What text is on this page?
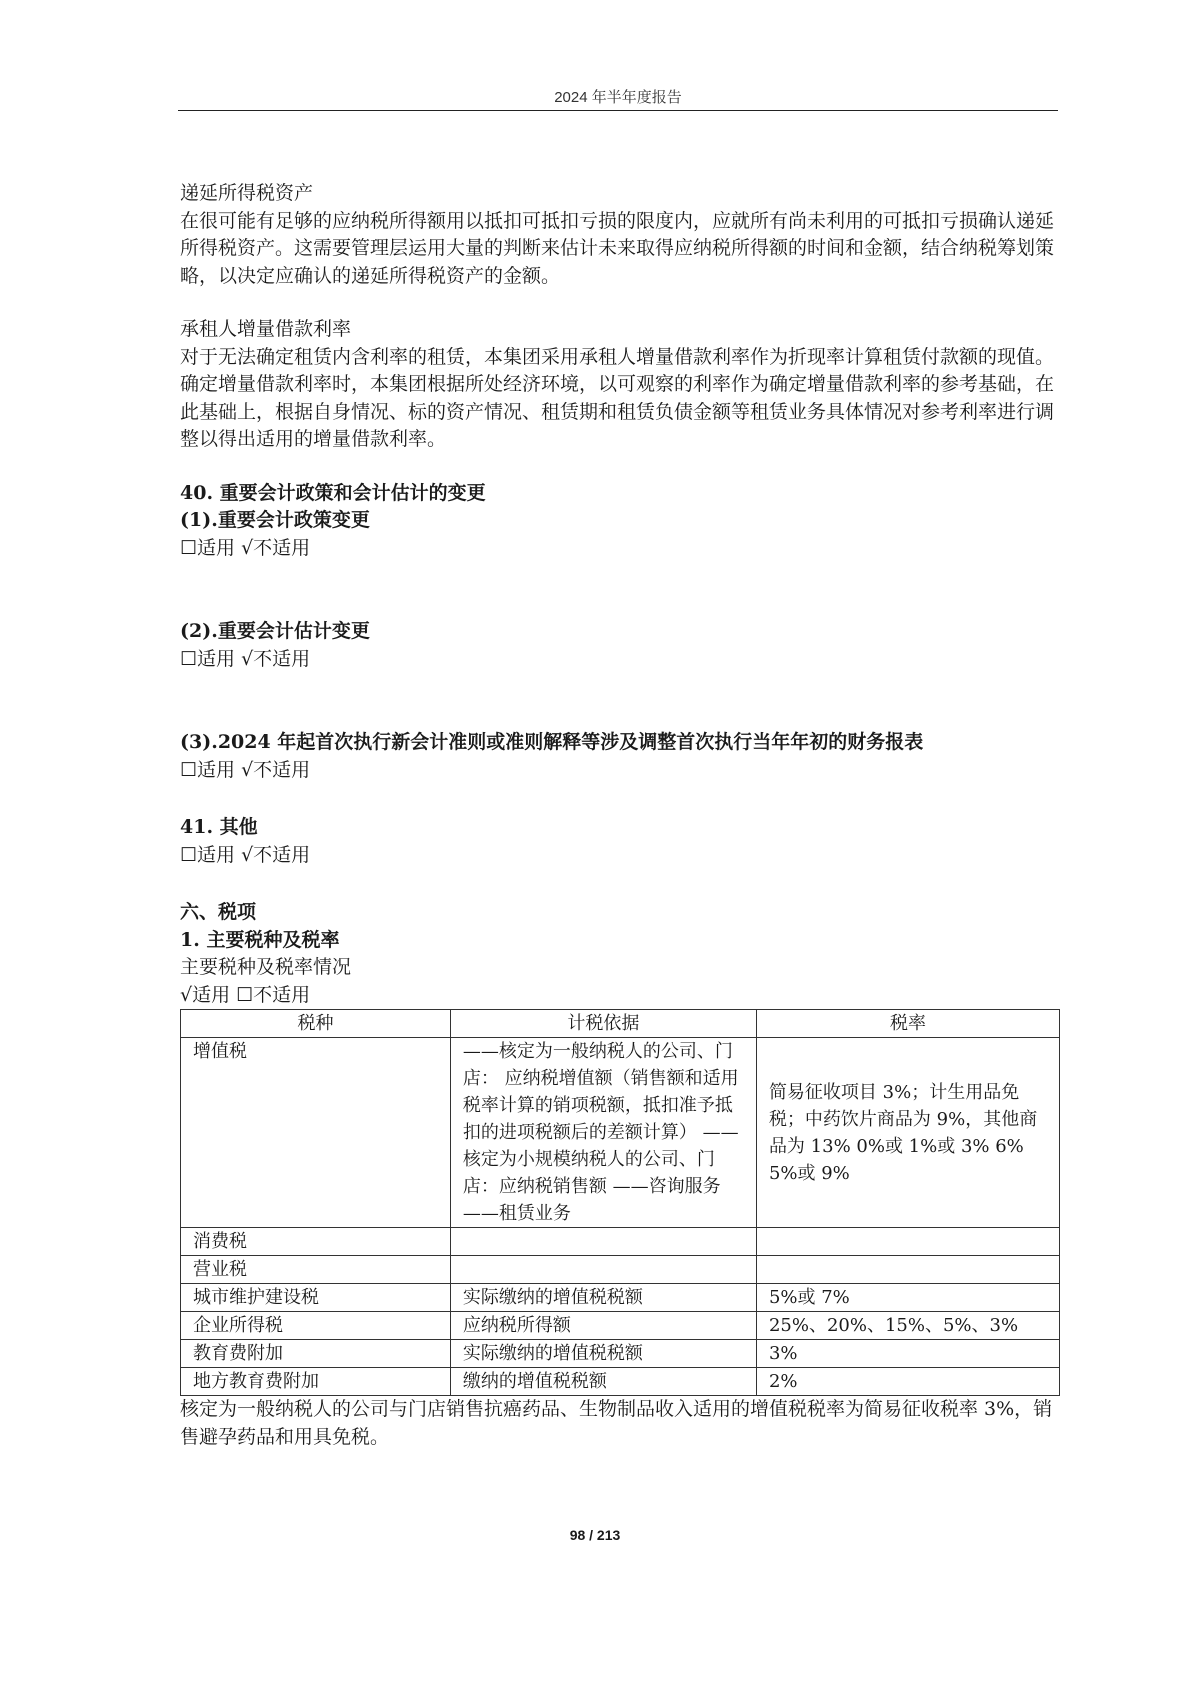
2024 年半年度报告

递延所得税资产

在很可能有足够的应纳税所得额用以抵扣可抵扣亏损的限度内，应就所有尚未利用的可抵扣亏损确认递延所得税资产。这需要管理层运用大量的判断来估计未来取得应纳税所得额的时间和金额，结合纳税筹划策略，以决定应确认的递延所得税资产的金额。

承租人增量借款利率

对于无法确定租赁内含利率的租赁，本集团采用承租人增量借款利率作为折现率计算租赁付款额的现值。确定增量借款利率时，本集团根据所处经济环境，以可观察的利率作为确定增量借款利率的参考基础，在此基础上，根据自身情况、标的资产情况、租赁期和租赁负债金额等租赁业务具体情况对参考利率进行调整以得出适用的增量借款利率。

40. 重要会计政策和会计估计的变更

(1).重要会计政策变更

☐适用 √不适用

(2).重要会计估计变更

☐适用 √不适用

(3).2024 年起首次执行新会计准则或准则解释等涉及调整首次执行当年年初的财务报表

☐适用 √不适用

41. 其他

☐适用 √不适用

六、税项

1. 主要税种及税率

主要税种及税率情况

√适用 ☐不适用

税种	计税依据	税率
增值税	——核定为一般纳税人的公司、门店： 应纳税增值额（销售额和适用税率计算的销项税额，抵扣准予抵扣的进项税额后的差额计算） ——核定为小规模纳税人的公司、门店：应纳税销售额 ——咨询服务 ——租赁业务	简易征收项目 3%；计生用品免税；中药饮片商品为 9%，其他商品为 13% 0%或 1%或 3% 6% 5%或 9%
消费税		
营业税		
城市维护建设税	实际缴纳的增值税税额	5%或 7%
企业所得税	应纳税所得额	25%、20%、15%、5%、3%
教育费附加	实际缴纳的增值税税额	3%
地方教育费附加	缴纳的增值税税额	2%

核定为一般纳税人的公司与门店销售抗癌药品、生物制品收入适用的增值税税率为简易征收税率 3%，销售避孕药品和用具免税。

98 / 213
